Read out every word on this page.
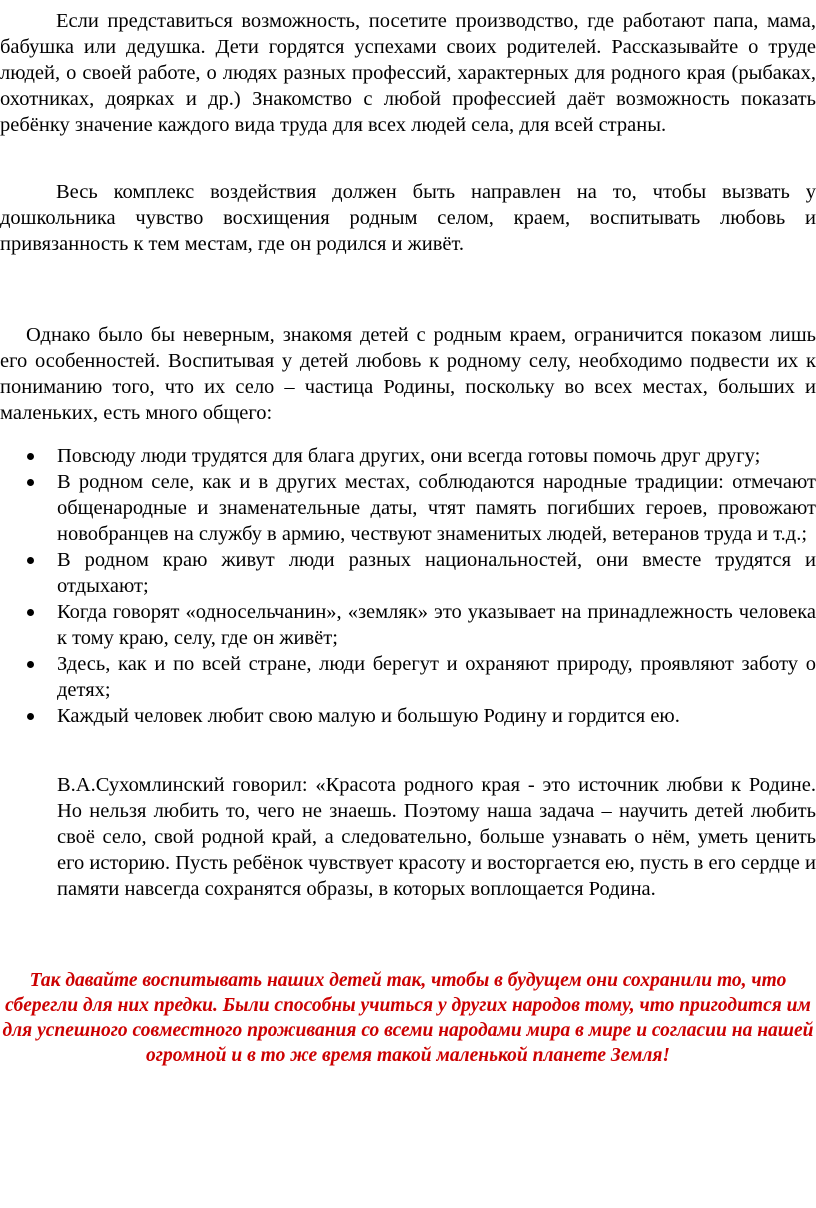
Если представиться возможность, посетите производство, где работают папа, мама, бабушка или дедушка. Дети гордятся успехами своих родителей. Рассказывайте о труде людей, о своей работе, о людях разных профессий, характерных для родного края (рыбаках, охотниках, доярках и др.) Знакомство с любой профессией даёт возможность показать ребёнку значение каждого вида труда для всех людей села, для всей страны.

Весь комплекс воздействия должен быть направлен на то, чтобы вызвать у дошкольника чувство восхищения родным селом, краем, воспитывать любовь и привязанность к тем местам, где он родился и живёт.

Однако было бы неверным, знакомя детей с родным краем, ограничится показом лишь его особенностей. Воспитывая у детей любовь к родному селу, необходимо подвести их к пониманию того, что их село – частица Родины, поскольку во всех местах, больших и маленьких, есть много общего:

Повсюду люди трудятся для блага других, они всегда готовы помочь друг другу;
В родном селе, как и в других местах, соблюдаются народные традиции: отмечают общенародные и знаменательные даты, чтят память погибших героев, провожают новобранцев на службу в армию, чествуют знаменитых людей, ветеранов труда и т.д.;
В родном краю живут люди разных национальностей, они вместе трудятся и отдыхают;
Когда говорят «односельчанин», «земляк» это указывает на принадлежность человека к тому краю, селу, где он живёт;
Здесь, как и по всей стране, люди берегут и охраняют природу, проявляют заботу о детях;
Каждый человек любит свою малую и большую Родину и гордится ею.

В.А.Сухомлинский говорил: «Красота родного края - это источник любви к Родине. Но нельзя любить то, чего не знаешь. Поэтому наша задача – научить детей любить своё село, свой родной край, а следовательно, больше узнавать о нём, уметь ценить его историю. Пусть ребёнок чувствует красоту и восторгается ею, пусть в его сердце и памяти навсегда сохранятся образы, в которых воплощается Родина.

Так давайте воспитывать наших детей так, чтобы в будущем они сохранили то, что сберегли для них предки. Были способны учиться у других народов тому, что пригодится им для успешного совместного проживания со всеми народами мира в мире и согласии на нашей огромной и в то же время такой маленькой планете Земля!
